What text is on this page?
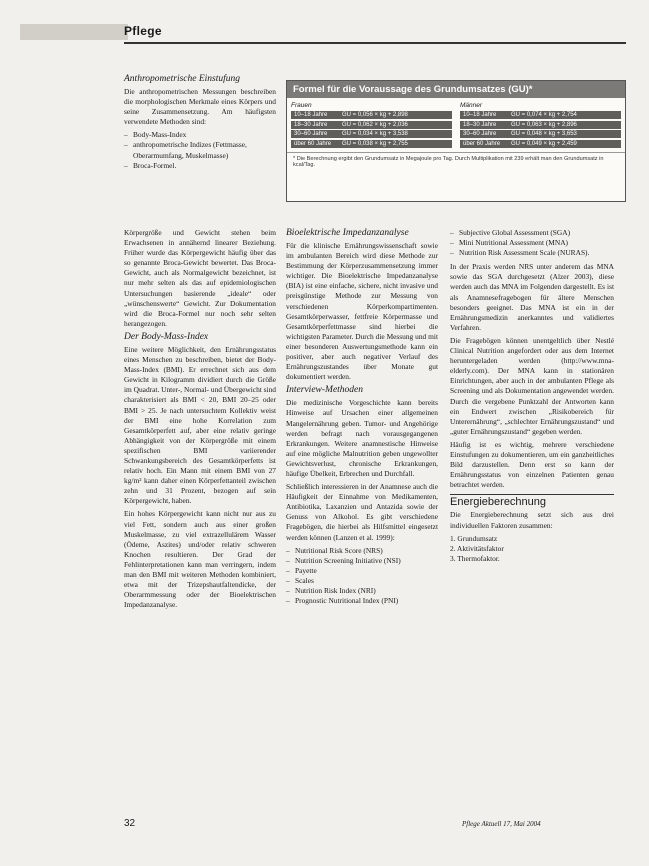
Pflege
Anthropometrische Einstufung

Die anthropometrischen Messungen beschreiben die morphologischen Merkmale eines Körpers und seine Zusammensetzung. Am häufigsten verwendete Methoden sind:

– Body-Mass-Index
– anthropometrische Indizes (Fettmasse, Oberarmumfang, Muskelmasse)
– Broca-Formel.
Formel für die Voraussage des Grundumsatzes (GU)*
Frauen
10–18 Jahre	GU = 0,056 × kg + 2,898
18–30 Jahre	GU = 0,062 × kg + 2,036
30–60 Jahre	GU = 0,034 × kg + 3,538
über 60 Jahre	GU = 0,038 × kg + 2,755
Männer
10–18 Jahre	GU = 0,074 × kg + 2,754
18–30 Jahre	GU = 0,063 × kg + 2,896
30–60 Jahre	GU = 0,048 × kg + 3,653
über 60 Jahre	GU = 0,049 × kg + 2,459
* Die Berechnung ergibt den Grundumsatz in Megajoule pro Tag. Durch Multiplikation mit 239 erhält man den Grundumsatz in kcal/Tag.

Körpergröße und Gewicht stehen beim Erwachsenen in annähernd linearer Beziehung. Früher wurde das Körpergewicht häufig über das so genannte Broca-Gewicht bewertet. Das Broca-Gewicht, auch als Normalgewicht bezeichnet, ist nur mehr selten als das auf epidemiologischen Untersuchungen basierende „ideale“ oder „wünschenswerte“ Gewicht. Zur Dokumentation wird die Broca-Formel nur noch sehr selten herangezogen.

Der Body-Mass-Index

Eine weitere Möglichkeit, den Ernährungsstatus eines Menschen zu beschreiben, bietet der Body-Mass-Index (BMI). Er errechnet sich aus dem Gewicht in Kilogramm dividiert durch die Größe im Quadrat. Unter-, Normal- und Übergewicht sind charakterisiert als BMI < 20, BMI 20–25 oder BMI > 25. Je nach untersuchtem Kollektiv weist der BMI eine hohe Korrelation zum Gesamtkörperfett auf, aber eine relativ geringe Abhängigkeit von der Körpergröße mit einem spezifischen BMI variierender Schwankungsbereich des Gesamtkörperfetts ist relativ hoch. Ein Mann mit einem BMI von 27 kg/m² kann daher einen Körperfettanteil zwischen zehn und 31 Prozent, bezogen auf sein Körpergewicht, haben.

Ein hohes Körpergewicht kann nicht nur aus zu viel Fett, sondern auch aus einer großen Muskelmasse, zu viel extrazellulärem Wasser (Ödeme, Aszites) und/oder relativ schweren Knochen resultieren. Der Grad der Fehlinterpretationen kann man verringern, indem man den BMI mit weiteren Methoden kombiniert, etwa mit der Trizepshautfaltendicke, der Oberarmmessung oder der Bioelektrischen Impedanzanalyse.

Bioelektrische Impedanzanalyse

Für die klinische Ernährungswissenschaft sowie im ambulanten Bereich wird diese Methode zur Bestimmung der Körperzusammensetzung immer wichtiger. Die Bioelektrische Impedanzanalyse (BIA) ist eine einfache, sichere, nicht invasive und preisgünstige Methode zur Messung von verschiedenen Körperkompartimenten. Gesamtkörperwasser, fettfreie Körpermasse und Gesamtkörperfettmasse sind hierbei die wichtigsten Parameter. Durch die Messung und mit einer besonderen Auswertungsmethode kann ein positiver, aber auch negativer Verlauf des Ernährungszustandes über Monate gut dokumentiert werden.

Interview-Methoden

Die medizinische Vorgeschichte kann bereits Hinweise auf Ursachen einer allgemeinen Mangelernährung geben. Tumor- und Angehörige werden befragt nach vorausgegangenen Erkrankungen. Weitere anamnestische Hinweise auf eine mögliche Malnutrition geben ungewollter Gewichtsverlust, chronische Erkrankungen, häufige Übelkeit, Erbrechen und Durchfall.

Schließlich interessieren in der Anamnese auch die Häufigkeit der Einnahme von Medikamenten, Antibiotika, Laxanzien und Antazida sowie der Genuss von Alkohol. Es gibt verschiedene Fragebögen, die hierbei als Hilfsmittel eingesetzt werden können (Lanzen et al. 1999):

– Nutritional Risk Score (NRS)
– Nutrition Screening Initiative (NSI)
– Payette
– Scales
– Nutrition Risk Index (NRI)
– Prognostic Nutritional Index (PNI)
– Subjective Global Assessment (SGA)
– Mini Nutritional Assessment (MNA)
– Nutrition Risk Assessment Scale (NURAS).

In der Praxis werden NRS unter anderem das MNA sowie das SGA durchgesetzt (Alzer 2003), diese werden auch das MNA im Folgenden dargestellt. Es ist als Anamnesefragebogen für ältere Menschen besonders geeignet. Das MNA ist ein in der Ernährungsmedizin anerkanntes und validiertes Verfahren.

Die Fragebögen können unentgeltlich über Nestlé Clinical Nutrition angefordert oder aus dem Internet heruntergeladen werden (http://www.mna-elderly.com). Der MNA kann in stationären Einrichtungen, aber auch in der ambulanten Pflege als Screening und als Dokumentation angewendet werden. Durch die vergebene Punktzahl der Antworten kann ein Endwert zwischen „Risikobereich für Unterernährung“, „schlechter Ernährungszustand“ und „guter Ernährungszustand“ gegeben werden.

Häufig ist es wichtig, mehrere verschiedene Einstufungen zu dokumentieren, um ein ganzheitliches Bild darzustellen. Denn erst so kann der Ernährungsstatus von einzelnen Patienten genau betrachtet werden.

Energieberechnung

Die Energieberechnung setzt sich aus drei individuellen Faktoren zusammen:

1. Grundumsatz
2. Aktivitätsfaktor
3. Thermofaktor.
32	Pflege Aktuell 17, Mai 2004
